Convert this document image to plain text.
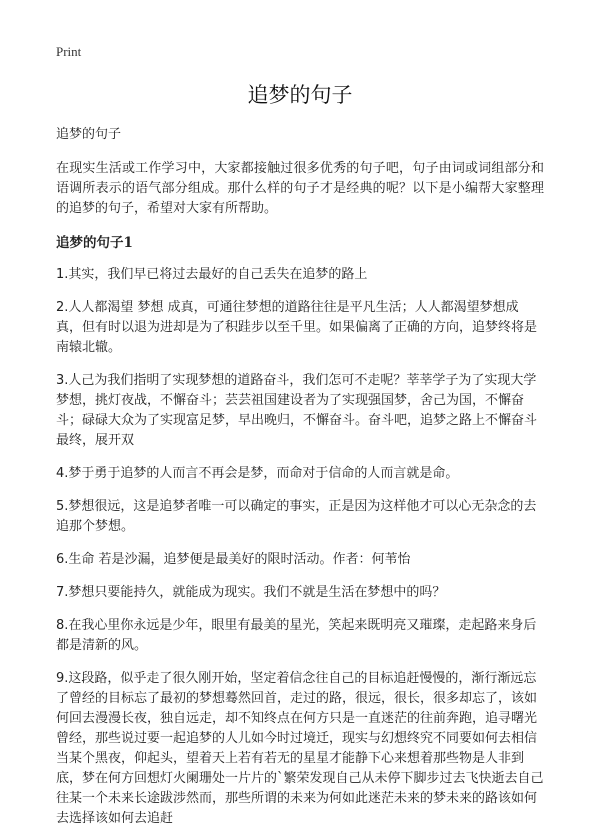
Print
追梦的句子
追梦的句子

在现实生活或工作学习中，大家都接触过很多优秀的句子吧，句子由词或词组部分和语调所表示的语气部分组成。那什么样的句子才是经典的呢？以下是小编帮大家整理的追梦的句子，希望对大家有所帮助。

追梦的句子1

1.其实，我们早已将过去最好的自己丢失在追梦的路上

2.人人都渴望 梦想 成真，可通往梦想的道路往往是平凡生活；人人都渴望梦想成真，但有时以退为进却是为了积跬步以至千里。如果偏离了正确的方向，追梦终将是南辕北辙。

3.人己为我们指明了实现梦想的道路奋斗，我们怎可不走呢？莘莘学子为了实现大学梦想，挑灯夜战，不懈奋斗；芸芸祖国建设者为了实现强国梦，舍己为国，不懈奋斗；碌碌大众为了实现富足梦，早出晚归，不懈奋斗。奋斗吧，追梦之路上不懈奋斗最终，展开双

4.梦于勇于追梦的人而言不再会是梦，而命对于信命的人而言就是命。

5.梦想很远，这是追梦者唯一可以确定的事实，正是因为这样他才可以心无杂念的去追那个梦想。

6.生命 若是沙漏，追梦便是最美好的限时活动。作者：何苇怡

7.梦想只要能持久，就能成为现实。我们不就是生活在梦想中的吗？

8.在我心里你永远是少年，眼里有最美的星光，笑起来既明亮又璀璨，走起路来身后都是清新的风。

9.这段路，似乎走了很久刚开始，坚定着信念往自己的目标追赶慢慢的，渐行渐远忘了曾经的目标忘了最初的梦想蓦然回首，走过的路，很远，很长，很多却忘了，该如何回去漫漫长夜，独自远走，却不知终点在何方只是一直迷茫的往前奔跑，追寻曙光曾经，那些说过要一起追梦的人儿如今时过境迁，现实与幻想终究不同要如何去相信当某个黑夜，仰起头，望着天上若有若无的星星才能静下心来想着那些物是人非到底，梦在何方回想灯火阑珊处一片片的`繁荣发现自己从未停下脚步过去飞快逝去自己往某一个未来长途跋涉然而，那些所谓的未来为何如此迷茫未来的梦未来的路该如何去选择该如何去追赶
